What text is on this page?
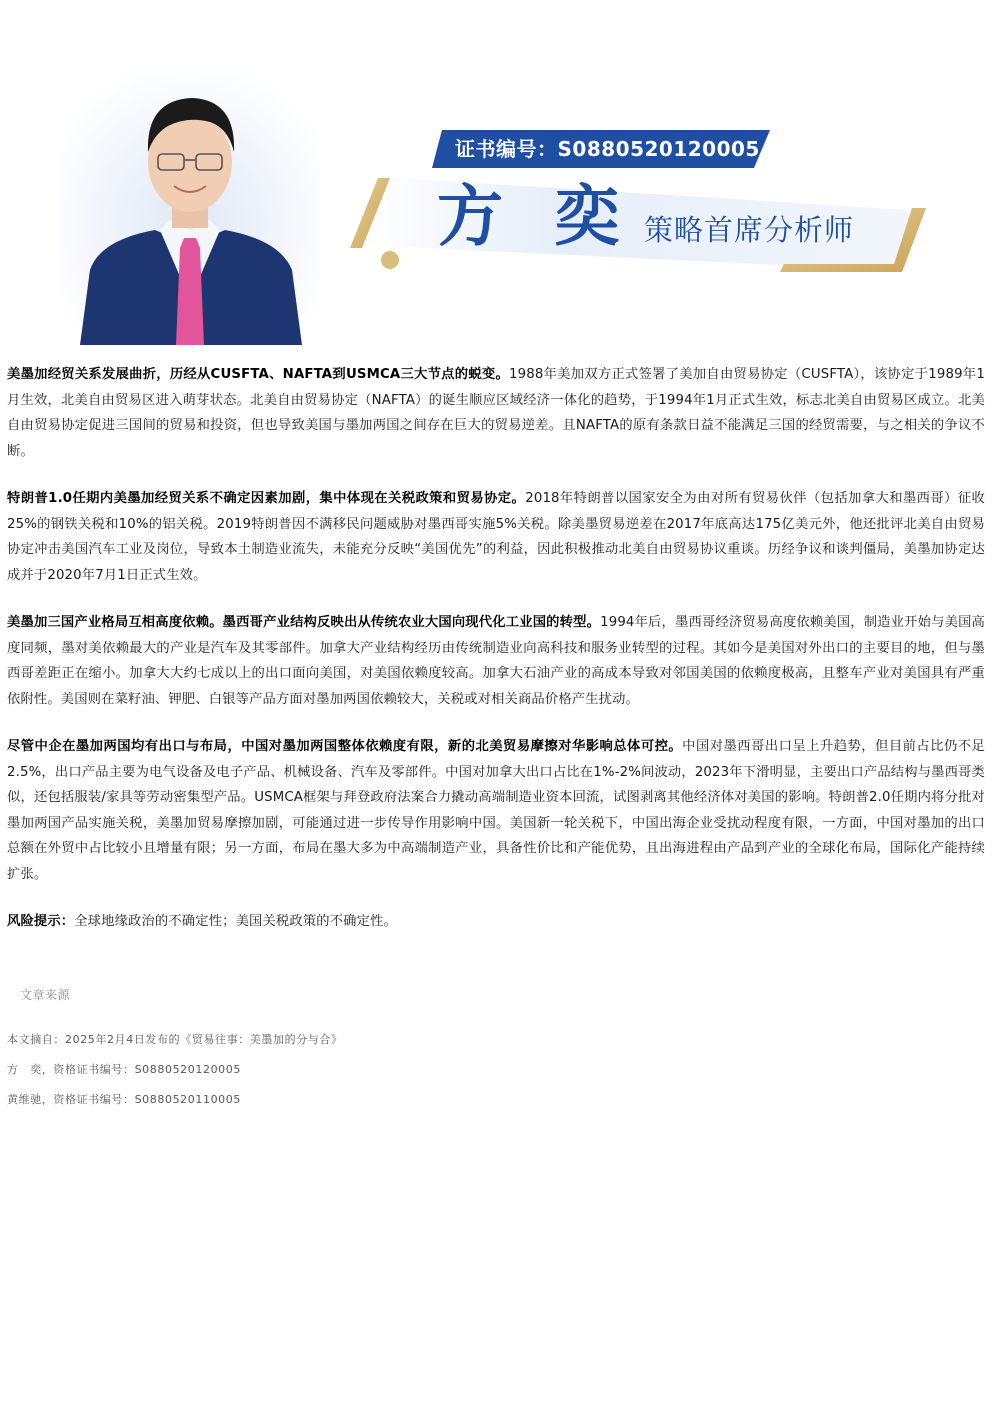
证书编号：S0880520120005
方 奕 策略首席分析师

美墨加经贸关系发展曲折，历经从CUSFTA、NAFTA到USMCA三大节点的蜕变。1988年美加双方正式签署了美加自由贸易协定（CUSFTA），该协定于1989年1月生效，北美自由贸易区进入萌芽状态。北美自由贸易协定（NAFTA）的诞生顺应区域经济一体化的趋势，于1994年1月正式生效，标志北美自由贸易区成立。北美自由贸易协定促进三国间的贸易和投资，但也导致美国与墨加两国之间存在巨大的贸易逆差。且NAFTA的原有条款日益不能满足三国的经贸需要，与之相关的争议不断。

特朗普1.0任期内美墨加经贸关系不确定因素加剧，集中体现在关税政策和贸易协定。2018年特朗普以国家安全为由对所有贸易伙伴（包括加拿大和墨西哥）征收25%的钢铁关税和10%的铝关税。2019特朗普因不满移民问题威胁对墨西哥实施5%关税。除美墨贸易逆差在2017年底高达175亿美元外，他还批评北美自由贸易协定冲击美国汽车工业及岗位，导致本土制造业流失，未能充分反映“美国优先”的利益，因此积极推动北美自由贸易协议重谈。历经争议和谈判僵局，美墨加协定达成并于2020年7月1日正式生效。

美墨加三国产业格局互相高度依赖。墨西哥产业结构反映出从传统农业大国向现代化工业国的转型。1994年后，墨西哥经济贸易高度依赖美国，制造业开始与美国高度同频，墨对美依赖最大的产业是汽车及其零部件。加拿大产业结构经历由传统制造业向高科技和服务业转型的过程。其如今是美国对外出口的主要目的地，但与墨西哥差距正在缩小。加拿大大约七成以上的出口面向美国，对美国依赖度较高。加拿大石油产业的高成本导致对邻国美国的依赖度极高，且整车产业对美国具有严重依附性。美国则在菜籽油、钾肥、白银等产品方面对墨加两国依赖较大，关税或对相关商品价格产生扰动。

尽管中企在墨加两国均有出口与布局，中国对墨加两国整体依赖度有限，新的北美贸易摩擦对华影响总体可控。中国对墨西哥出口呈上升趋势，但目前占比仍不足2.5%，出口产品主要为电气设备及电子产品、机械设备、汽车及零部件。中国对加拿大出口占比在1%-2%间波动，2023年下滑明显，主要出口产品结构与墨西哥类似，还包括服装/家具等劳动密集型产品。USMCA框架与拜登政府法案合力撬动高端制造业资本回流，试图剥离其他经济体对美国的影响。特朗普2.0任期内将分批对墨加两国产品实施关税，美墨加贸易摩擦加剧，可能通过进一步传导作用影响中国。美国新一轮关税下，中国出海企业受扰动程度有限，一方面，中国对墨加的出口总额在外贸中占比较小且增量有限；另一方面，布局在墨大多为中高端制造产业，具备性价比和产能优势，且出海进程由产品到产业的全球化布局，国际化产能持续扩张。

风险提示：全球地缘政治的不确定性；美国关税政策的不确定性。

文章来源
本文摘自：2025年2月4日发布的《贸易往事：美墨加的分与合》
方　奕，资格证书编号：S0880520120005
黄维驰，资格证书编号：S0880520110005
